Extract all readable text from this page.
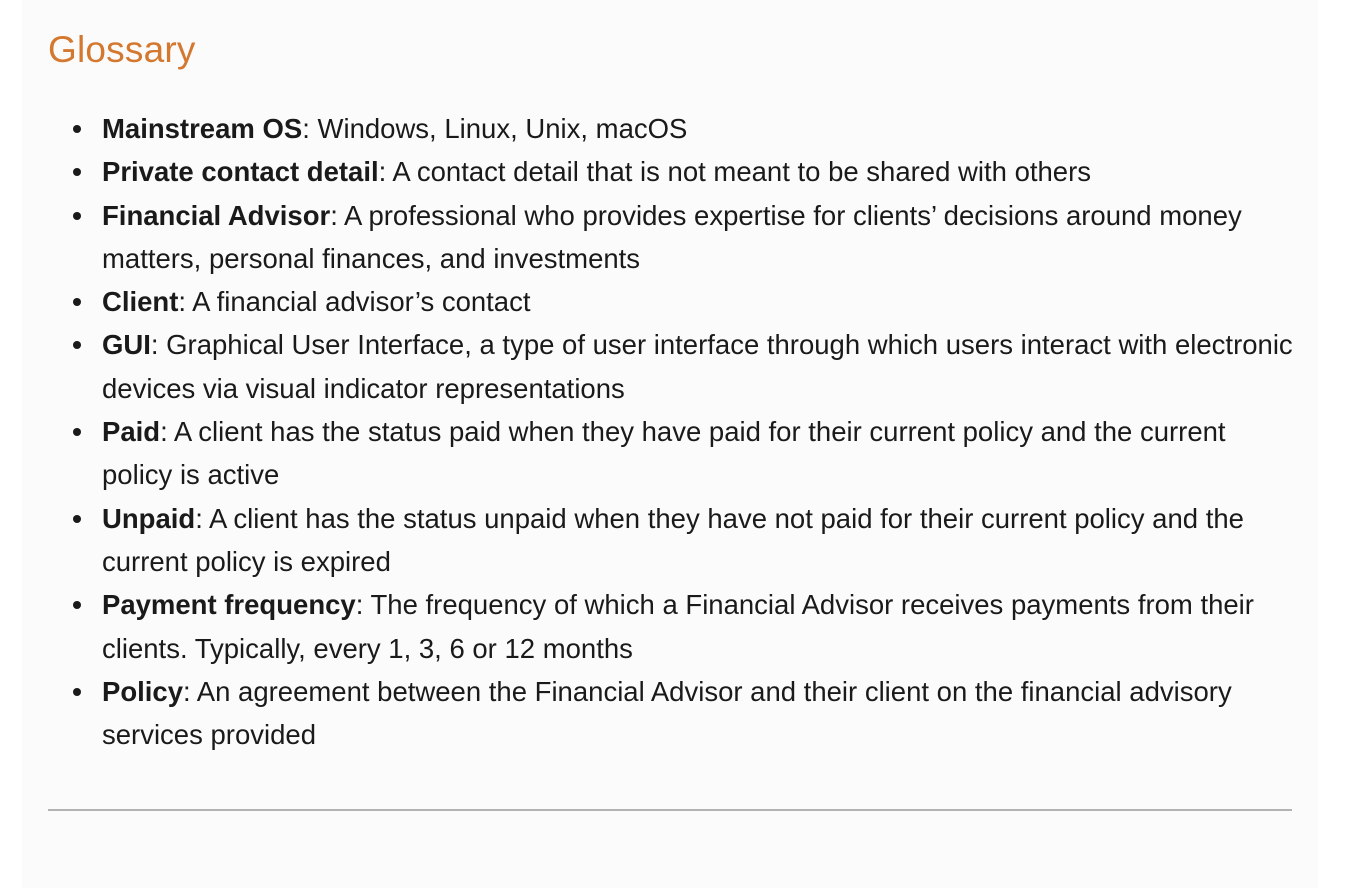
Glossary
Mainstream OS: Windows, Linux, Unix, macOS
Private contact detail: A contact detail that is not meant to be shared with others
Financial Advisor: A professional who provides expertise for clients’ decisions around money matters, personal finances, and investments
Client: A financial advisor’s contact
GUI: Graphical User Interface, a type of user interface through which users interact with electronic devices via visual indicator representations
Paid: A client has the status paid when they have paid for their current policy and the current policy is active
Unpaid: A client has the status unpaid when they have not paid for their current policy and the current policy is expired
Payment frequency: The frequency of which a Financial Advisor receives payments from their clients. Typically, every 1, 3, 6 or 12 months
Policy: An agreement between the Financial Advisor and their client on the financial advisory services provided
